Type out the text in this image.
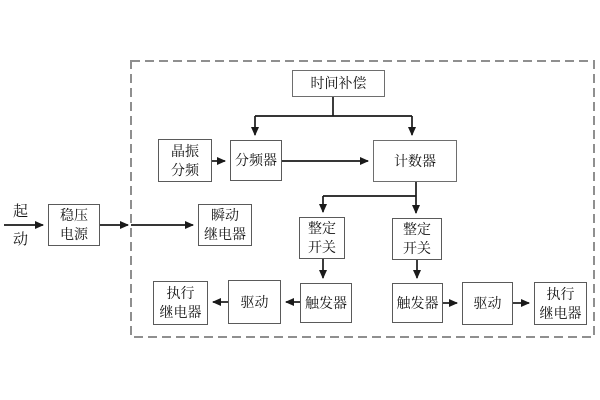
起
动
稳压
电源
时间补偿
晶振
分频
分频器	计数器
瞬动
继电器	整定
开关
整定
开关
触发器	触发器
驱动	驱动
执行
继电器
执行
继电器
